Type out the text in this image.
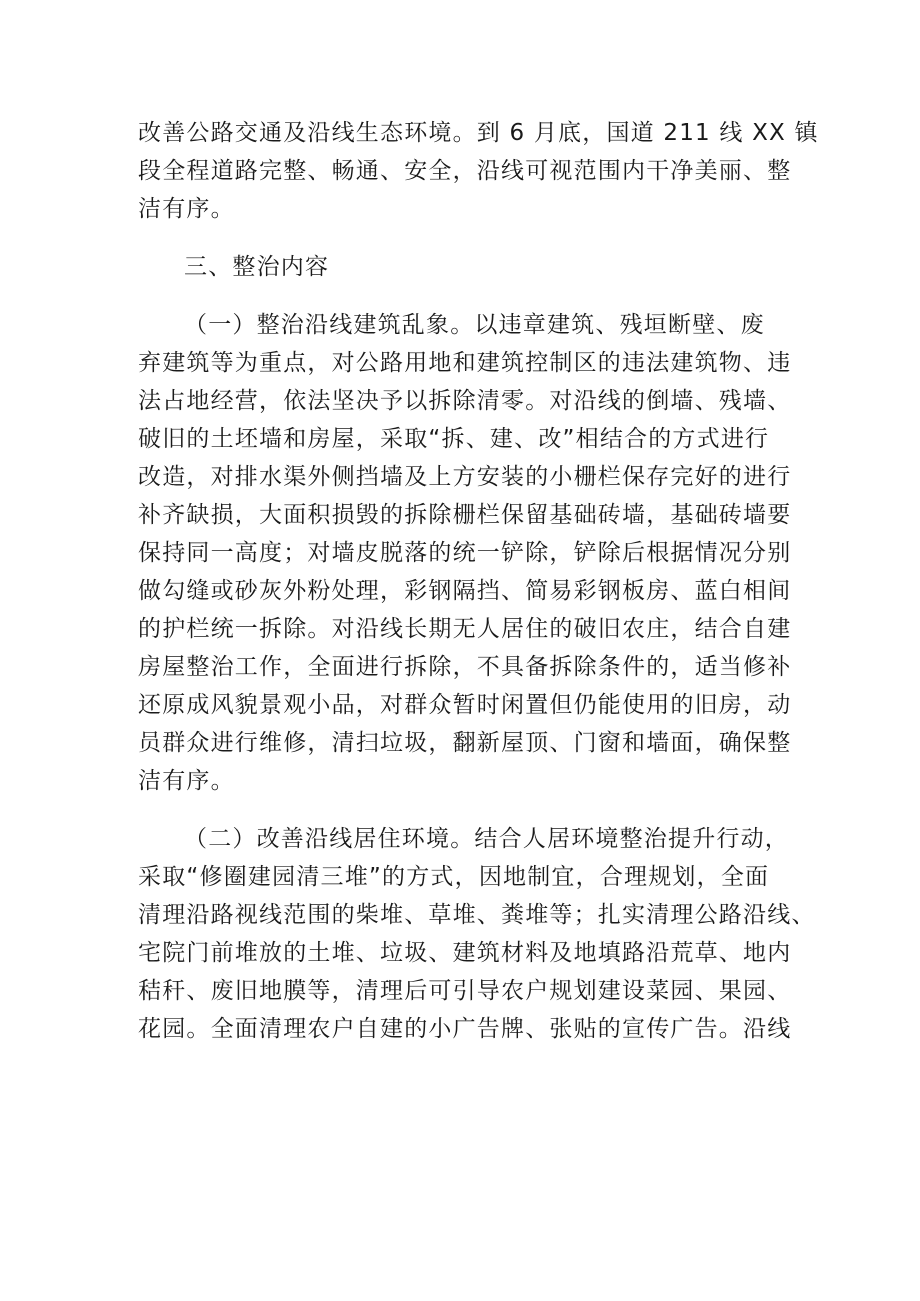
改善公路交通及沿线生态环境。到 6 月底，国道 211 线 XX 镇
段全程道路完整、畅通、安全，沿线可视范围内干净美丽、整
洁有序。
三、整治内容
（一）整治沿线建筑乱象。以违章建筑、残垣断壁、废
弃建筑等为重点，对公路用地和建筑控制区的违法建筑物、违
法占地经营，依法坚决予以拆除清零。对沿线的倒墙、残墙、
破旧的土坯墙和房屋，采取“拆、建、改”相结合的方式进行
改造，对排水渠外侧挡墙及上方安装的小栅栏保存完好的进行
补齐缺损，大面积损毁的拆除栅栏保留基础砖墙，基础砖墙要
保持同一高度；对墙皮脱落的统一铲除，铲除后根据情况分别
做勾缝或砂灰外粉处理，彩钢隔挡、简易彩钢板房、蓝白相间
的护栏统一拆除。对沿线长期无人居住的破旧农庄，结合自建
房屋整治工作，全面进行拆除，不具备拆除条件的，适当修补
还原成风貌景观小品，对群众暂时闲置但仍能使用的旧房，动
员群众进行维修，清扫垃圾，翻新屋顶、门窗和墙面，确保整
洁有序。
（二）改善沿线居住环境。结合人居环境整治提升行动，
采取“修圈建园清三堆”的方式，因地制宜，合理规划，全面
清理沿路视线范围的柴堆、草堆、粪堆等；扎实清理公路沿线、
宅院门前堆放的土堆、垃圾、建筑材料及地填路沿荒草、地内
秸秆、废旧地膜等，清理后可引导农户规划建设菜园、果园、
花园。全面清理农户自建的小广告牌、张贴的宣传广告。沿线
